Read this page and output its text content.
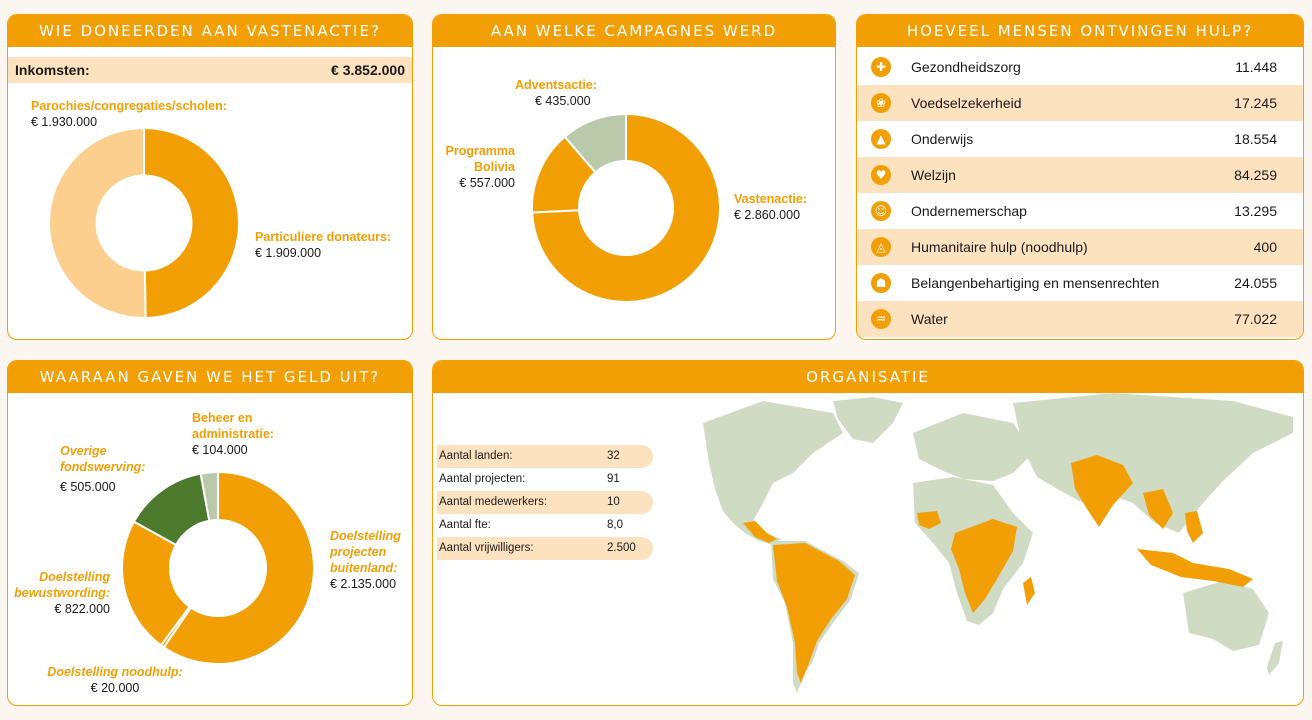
WIE DONEERDEN AAN VASTENACTIE?
Inkomsten:	€ 3.852.000
Parochies/congregaties/scholen:
€ 1.930.000
Particuliere donateurs:
€ 1.909.000
AAN WELKE CAMPAGNES WERD GEDONEERD?
Adventsactie:
€ 435.000
Programma Bolivia
€ 557.000
Vastenactie:
€ 2.860.000
HOEVEEL MENSEN ONTVINGEN HULP?
✚	Gezondheidszorg	11.448
❀	Voedselzekerheid	17.245
▲	Onderwijs	18.554
♥	Welzijn	84.259
☺ Ondernemerschap	13.295
◬	Humanitaire hulp (noodhulp)	400
☗	Belangenbehartiging en mensenrechten	24.055
♒	Water	77.022
WAARAAN GAVEN WE HET GELD UIT?
Beheer en administratie:
€ 104.000
Overige fondswerving:
€ 505.000
Doelstelling projecten buitenland:
€ 2.135.000
Doelstelling bewustwording:
€ 822.000
Doelstelling noodhulp:
€ 20.000
ORGANISATIE
Aantal landen:	32
Aantal projecten:	91
Aantal medewerkers:	10
Aantal fte:	8,0
Aantal vrijwilligers:	2.500
